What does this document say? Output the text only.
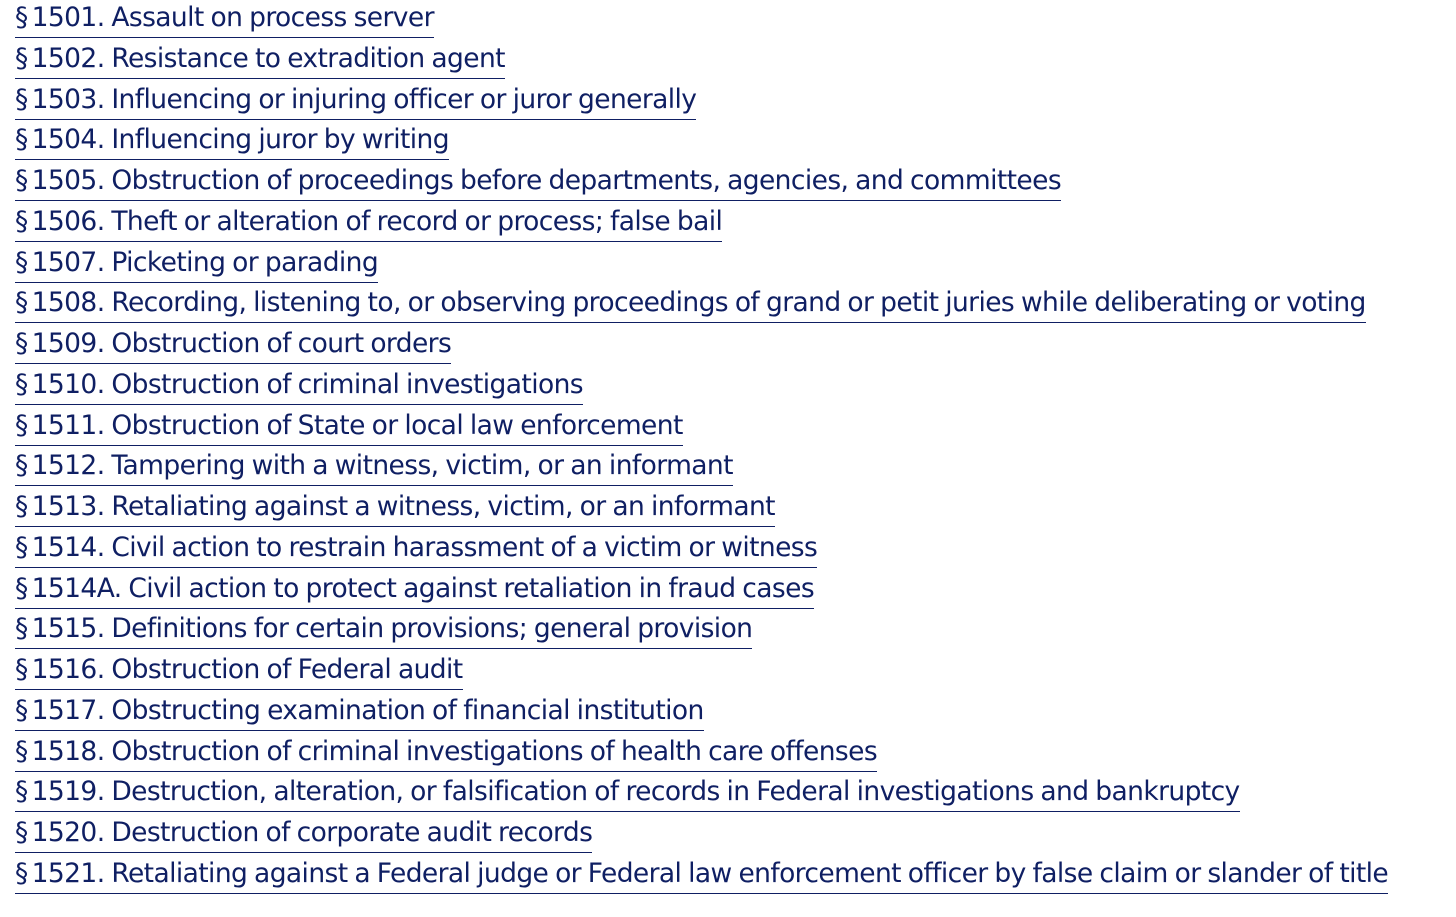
§ 1501. Assault on process server
§ 1502. Resistance to extradition agent
§ 1503. Influencing or injuring officer or juror generally
§ 1504. Influencing juror by writing
§ 1505. Obstruction of proceedings before departments, agencies, and committees
§ 1506. Theft or alteration of record or process; false bail
§ 1507. Picketing or parading
§ 1508. Recording, listening to, or observing proceedings of grand or petit juries while deliberating or voting
§ 1509. Obstruction of court orders
§ 1510. Obstruction of criminal investigations
§ 1511. Obstruction of State or local law enforcement
§ 1512. Tampering with a witness, victim, or an informant
§ 1513. Retaliating against a witness, victim, or an informant
§ 1514. Civil action to restrain harassment of a victim or witness
§ 1514A. Civil action to protect against retaliation in fraud cases
§ 1515. Definitions for certain provisions; general provision
§ 1516. Obstruction of Federal audit
§ 1517. Obstructing examination of financial institution
§ 1518. Obstruction of criminal investigations of health care offenses
§ 1519. Destruction, alteration, or falsification of records in Federal investigations and bankruptcy
§ 1520. Destruction of corporate audit records
§ 1521. Retaliating against a Federal judge or Federal law enforcement officer by false claim or slander of title
